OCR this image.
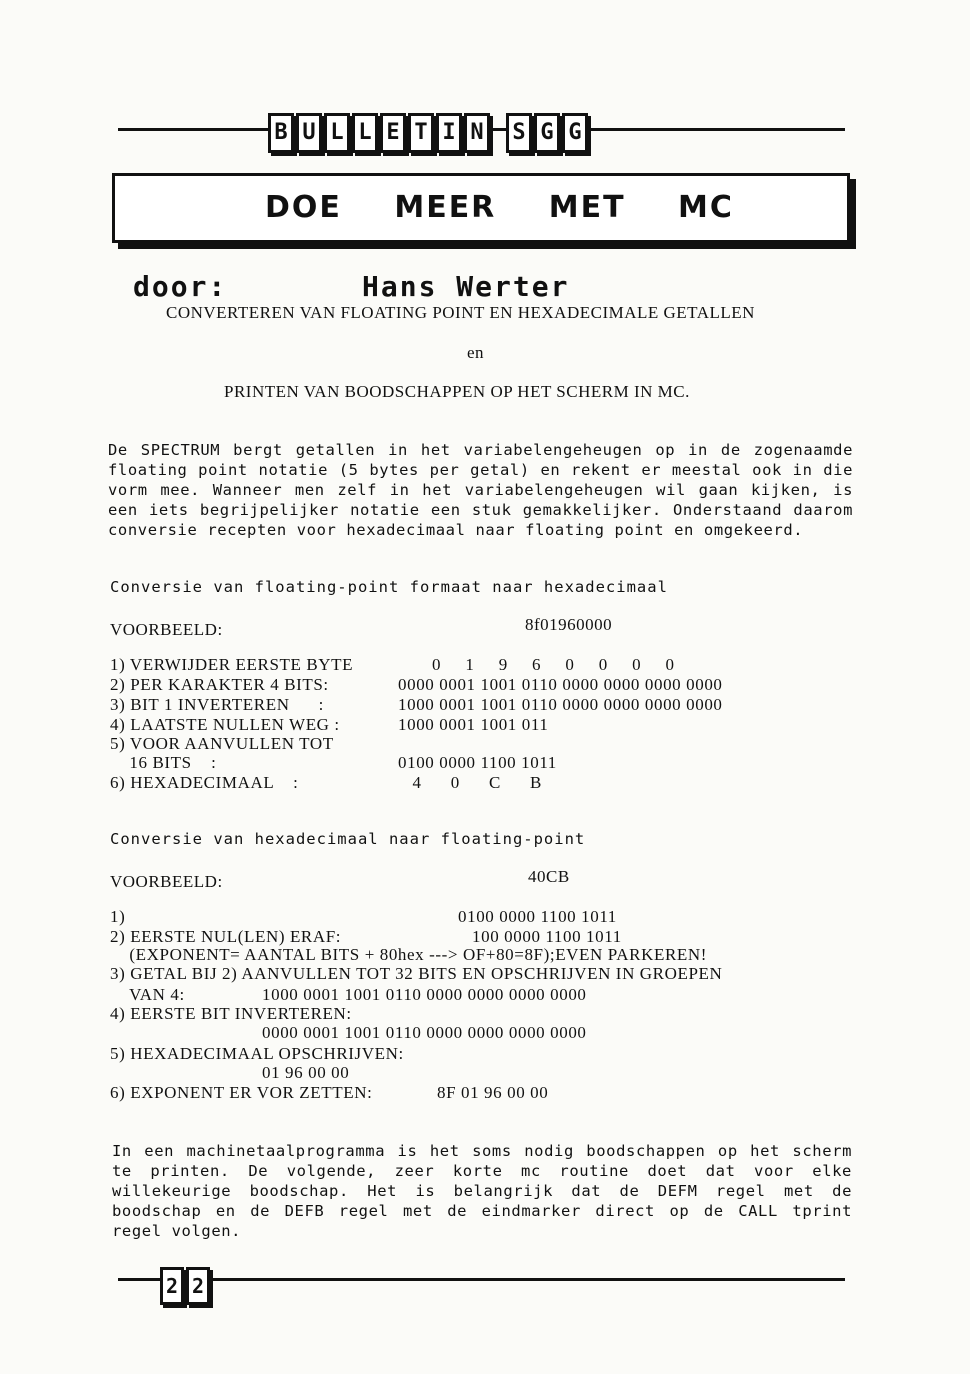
B U L L E T I N S G G
DOE MEER MET MC
door:	Hans Werter
CONVERTEREN VAN FLOATING POINT EN HEXADECIMALE GETALLEN
en
PRINTEN VAN BOODSCHAPPEN OP HET SCHERM IN MC.
De SPECTRUM bergt getallen in het variabelengeheugen op in de zogenaamde floating point notatie (5 bytes per getal) en rekent er meestal ook in die vorm mee. Wanneer men zelf in het variabelengeheugen wil gaan kijken, is een iets begrijpelijker notatie een stuk gemakkelijker. Onderstaand daarom conversie recepten voor hexadecimaal naar floating point en omgekeerd.
Conversie van floating-point formaat naar hexadecimaal
VOORBEELD:	8f01960000
1) VERWIJDER EERSTE BYTE	0     1     9     6     0     0     0     0
2) PER KARAKTER 4 BITS:	0000 0001 1001 0110 0000 0000 0000 0000
3) BIT 1 INVERTEREN      :	1000 0001 1001 0110 0000 0000 0000 0000
4) LAATSTE NULLEN WEG :	1000 0001 1001 011
5) VOOR AANVULLEN TOT
16 BITS    :	0100 0000 1100 1011
6) HEXADECIMAAL    :	4      0      C      B
Conversie van hexadecimaal naar floating-point
VOORBEELD:	40CB
1)	0100 0000 1100 1011
2) EERSTE NUL(LEN) ERAF:	100 0000 1100 1011
(EXPONENT= AANTAL BITS + 80hex ---> OF+80=8F);EVEN PARKEREN!
3) GETAL BIJ 2) AANVULLEN TOT 32 BITS EN OPSCHRIJVEN IN GROEPEN
VAN 4:	1000 0001 1001 0110 0000 0000 0000 0000
4) EERSTE BIT INVERTEREN:
0000 0001 1001 0110 0000 0000 0000 0000
5) HEXADECIMAAL OPSCHRIJVEN:
01 96 00 00
6) EXPONENT ER VOR ZETTEN:	8F 01 96 00 00
In een machinetaalprogramma is het soms nodig boodschappen op het scherm te printen. De volgende, zeer korte mc routine doet dat voor elke willekeurige boodschap. Het is belangrijk dat de DEFM regel met de boodschap en de DEFB regel met de eindmarker direct op de CALL tprint regel volgen.
2 2
